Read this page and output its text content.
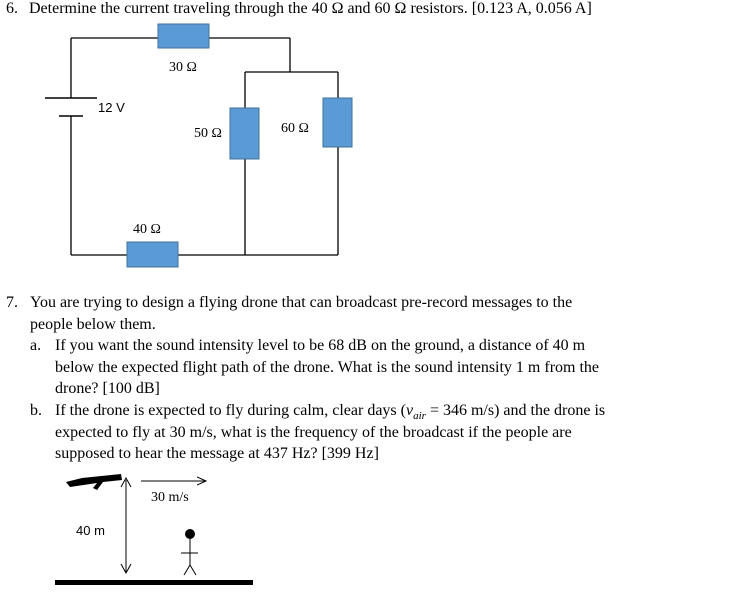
6. Determine the current traveling through the 40 Ω and 60 Ω resistors. [0.123 A, 0.056 A]
12 V
30 Ω
50 Ω	60 Ω
40 Ω
7. You are trying to design a flying drone that can broadcast pre-record messages to the
people below them.
a. If you want the sound intensity level to be 68 dB on the ground, a distance of 40 m
below the expected flight path of the drone. What is the sound intensity 1 m from the
drone? [100 dB]
b. If the drone is expected to fly during calm, clear days ($v_{air} = 346$ m/s) and the drone is
expected to fly at 30 m/s, what is the frequency of the broadcast if the people are
supposed to hear the message at 437 Hz? [399 Hz]
30 m/s
40 m
